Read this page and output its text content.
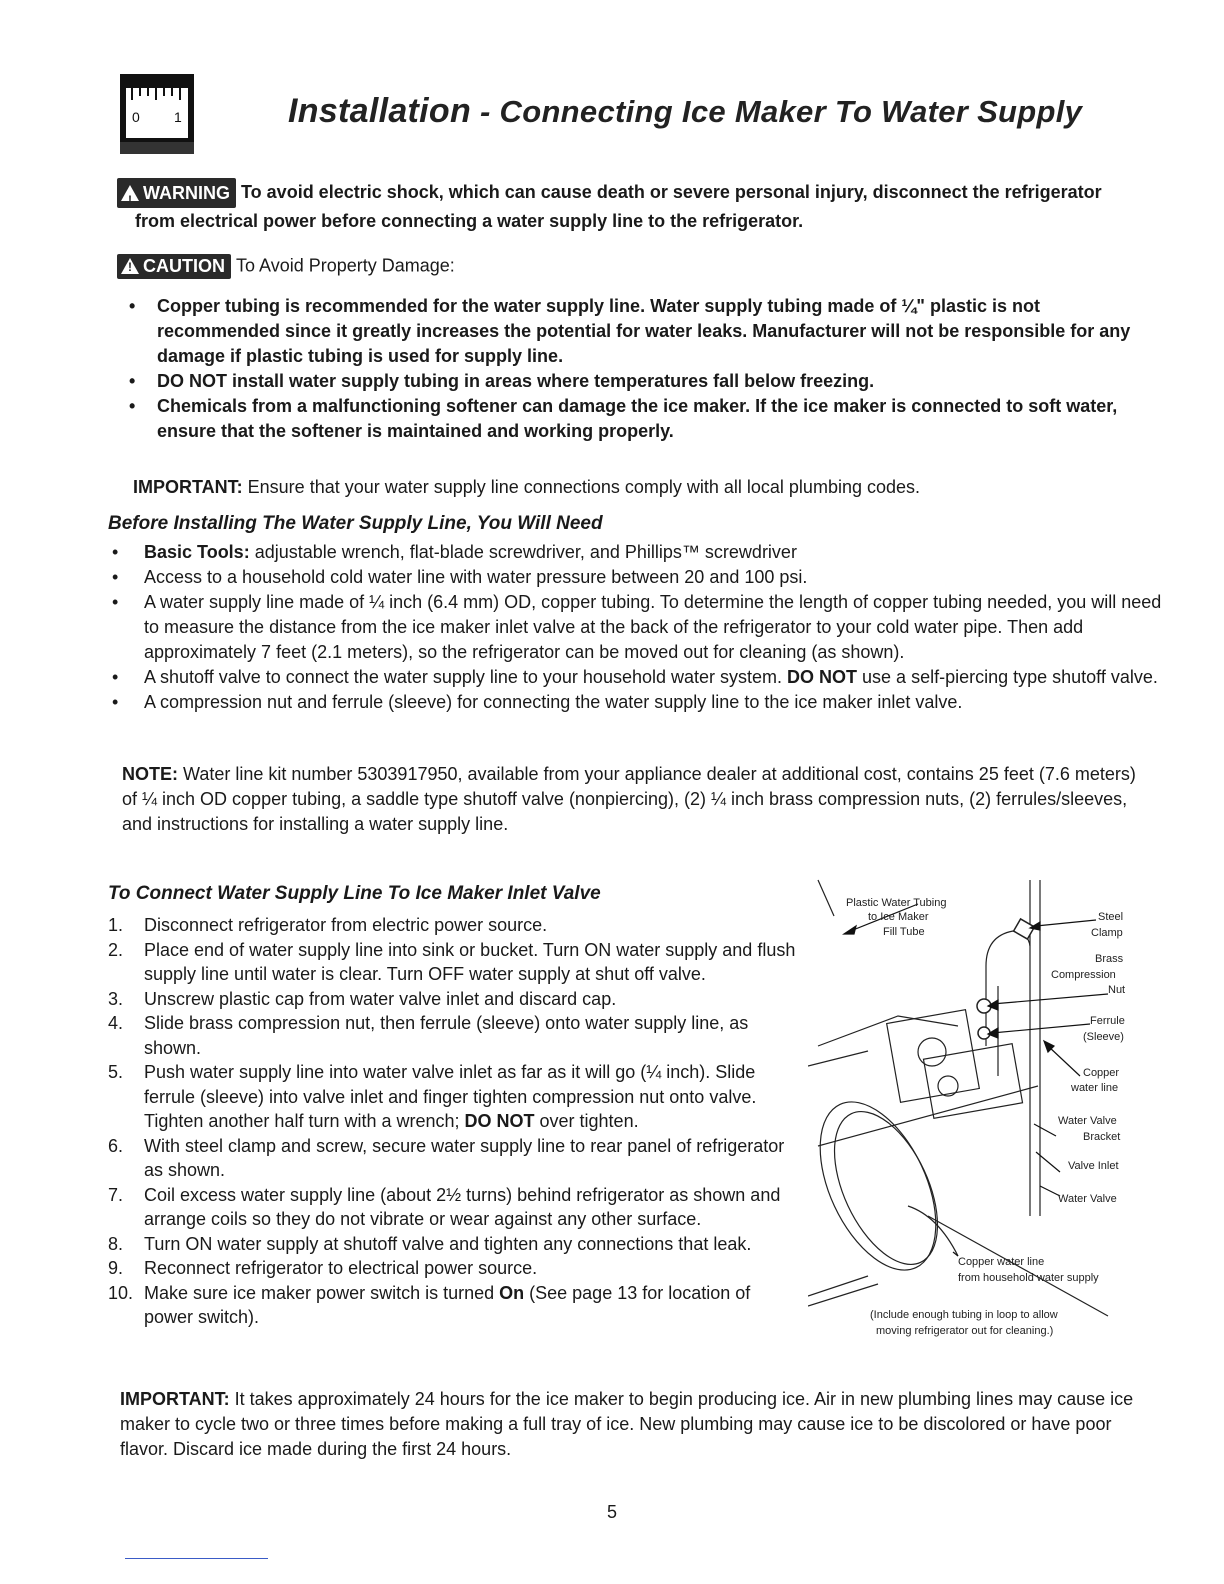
0 1	Installation - Connecting Ice Maker To Water Supply
! WARNING To avoid electric shock, which can cause death or severe personal injury, disconnect the refrigerator
from electrical power before connecting a water supply line to the refrigerator.
! CAUTION To Avoid Property Damage:
• Copper tubing is recommended for the water supply line. Water supply tubing made of ¼" plastic is not recommended since it greatly increases the potential for water leaks. Manufacturer will not be responsible for any damage if plastic tubing is used for supply line.
• DO NOT install water supply tubing in areas where temperatures fall below freezing.
• Chemicals from a malfunctioning softener can damage the ice maker. If the ice maker is connected to soft water, ensure that the softener is maintained and working properly.
IMPORTANT: Ensure that your water supply line connections comply with all local plumbing codes.
Before Installing The Water Supply Line, You Will Need
• Basic Tools: adjustable wrench, flat-blade screwdriver, and Phillips™ screwdriver
• Access to a household cold water line with water pressure between 20 and 100 psi.
• A water supply line made of ¼ inch (6.4 mm) OD, copper tubing. To determine the length of copper tubing needed, you will need to measure the distance from the ice maker inlet valve at the back of the refrigerator to your cold water pipe. Then add approximately 7 feet (2.1 meters), so the refrigerator can be moved out for cleaning (as shown).
• A shutoff valve to connect the water supply line to your household water system. DO NOT use a self-piercing type shutoff valve.
• A compression nut and ferrule (sleeve) for connecting the water supply line to the ice maker inlet valve.
NOTE: Water line kit number 5303917950, available from your appliance dealer at additional cost, contains 25 feet (7.6 meters) of ¼ inch OD copper tubing, a saddle type shutoff valve (nonpiercing), (2) ¼ inch brass compression nuts, (2) ferrules/sleeves, and instructions for installing a water supply line.
To Connect Water Supply Line To Ice Maker Inlet Valve
1.	Disconnect refrigerator from electric power source.
2.	Place end of water supply line into sink or bucket. Turn ON water supply and flush supply line until water is clear. Turn OFF water supply at shut off valve.
3.	Unscrew plastic cap from water valve inlet and discard cap.
4.	Slide brass compression nut, then ferrule (sleeve) onto water supply line, as shown.
5.	Push water supply line into water valve inlet as far as it will go (¼ inch). Slide ferrule (sleeve) into valve inlet and finger tighten compression nut onto valve. Tighten another half turn with a wrench; DO NOT over tighten.
6.	With steel clamp and screw, secure water supply line to rear panel of refrigerator as shown.
7.	Coil excess water supply line (about 2½ turns) behind refrigerator as shown and arrange coils so they do not vibrate or wear against any other surface.
8.	Turn ON water supply at shutoff valve and tighten any connections that leak.
9.	Reconnect refrigerator to electrical power source.
10. Make sure ice maker power switch is turned On (See page 13 for location of power switch).
Plastic Water Tubing
to Ice Maker
Fill Tube
Steel
Clamp
Brass
Compression
Nut
Ferrule
(Sleeve)
Copper
water line
Water Valve
Bracket
Valve Inlet
Water Valve
Copper water line
from household water supply
(Include enough tubing in loop to allow
moving refrigerator out for cleaning.)
IMPORTANT: It takes approximately 24 hours for the ice maker to begin producing ice. Air in new plumbing lines may cause ice maker to cycle two or three times before making a full tray of ice. New plumbing may cause ice to be discolored or have poor flavor. Discard ice made during the first 24 hours.
5
